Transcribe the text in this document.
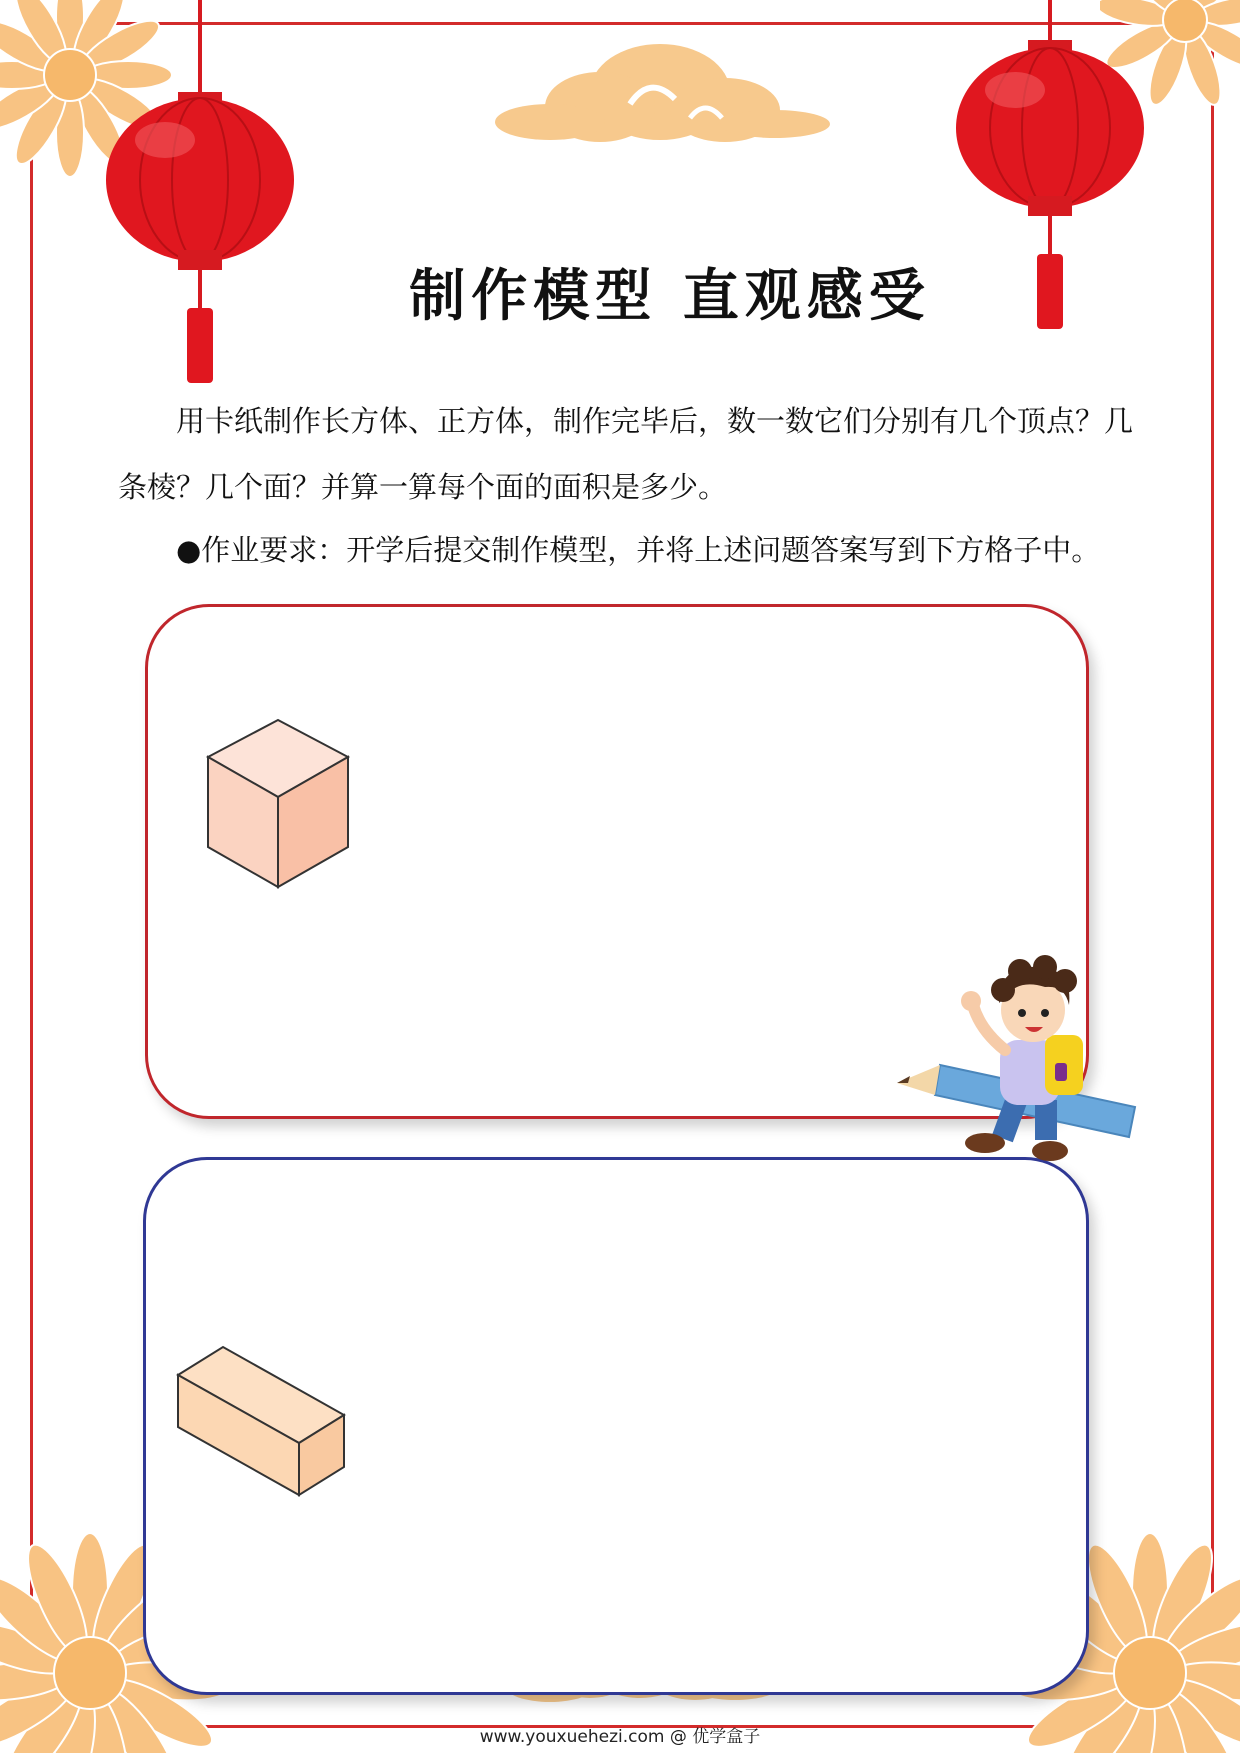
制作模型 直观感受
用卡纸制作长方体、正方体，制作完毕后，数一数它们分别有几个顶点？几条棱？几个面？并算一算每个面的面积是多少。
●作业要求：开学后提交制作模型，并将上述问题答案写到下方格子中。
www.youxuehezi.com @ 优学盒子
